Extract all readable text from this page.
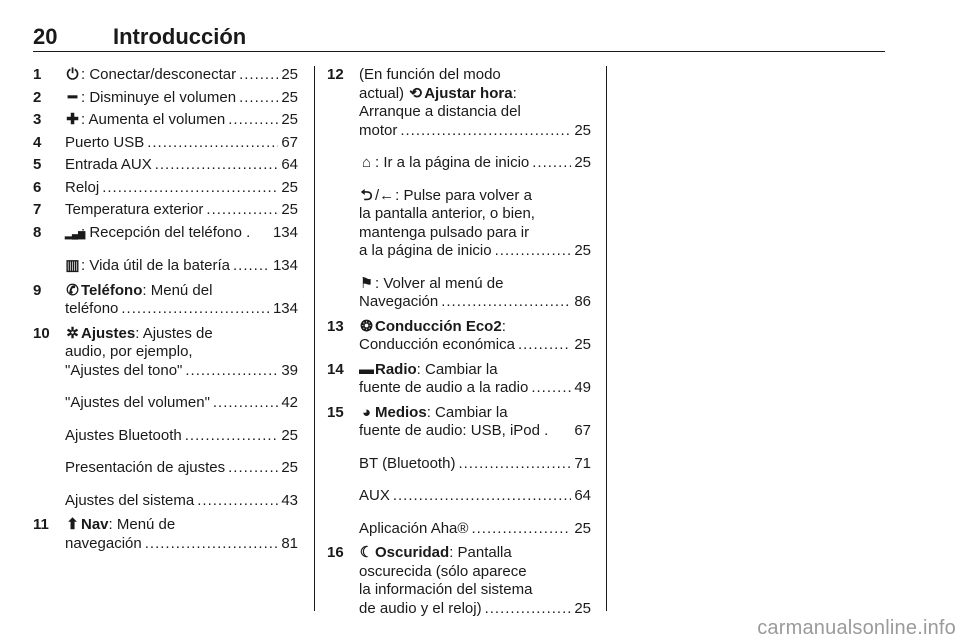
20	Introducción
1 ⏻ : Conectar/desconectar .....	25
2 ━ : Disminuye el volumen .....	25
3 ✚ : Aumenta el volumen .....	25
4 Puerto USB .....	67
5 Entrada AUX .....	64
6 Reloj .....	25
7 Temperatura exterior .....	25
8	▂▄▆: Recepción del teléfono . 134
▥: Vida útil de la batería .....	134
9 ✆ Teléfono: Menú del
teléfono .....	134
10 ✲ Ajustes: Ajustes de
audio, por ejemplo,
"Ajustes del tono" .....	39
"Ajustes del volumen" .....	42
Ajustes Bluetooth .....	25
Presentación de ajustes .....	25
Ajustes del sistema .....	43
11 ⬆ Nav: Menú de
navegación .....	81
12 (En función del modo
actual) ⟲ Ajustar hora:
Arranque a distancia del
motor .....	25
⌂ : Ir a la página de inicio .....	25
⮌ /←: Pulse para volver a
la pantalla anterior, o bien,
mantenga pulsado para ir
a la página de inicio .....	25
⚑ : Volver al menú de
Navegación .....	86
13 ❂ Conducción Eco2:
Conducción económica .....	25
14 ▬Radio: Cambiar la
fuente de audio a la radio .....	49
15 ◕ Medios: Cambiar la
fuente de audio: USB, iPod . 67
BT (Bluetooth) .....	71
AUX .....	64
Aplicación Aha® .....	25
16 ☾ Oscuridad: Pantalla
oscurecida (sólo aparece
la información del sistema
de audio y el reloj) .....	25
carmanualsonline.info
